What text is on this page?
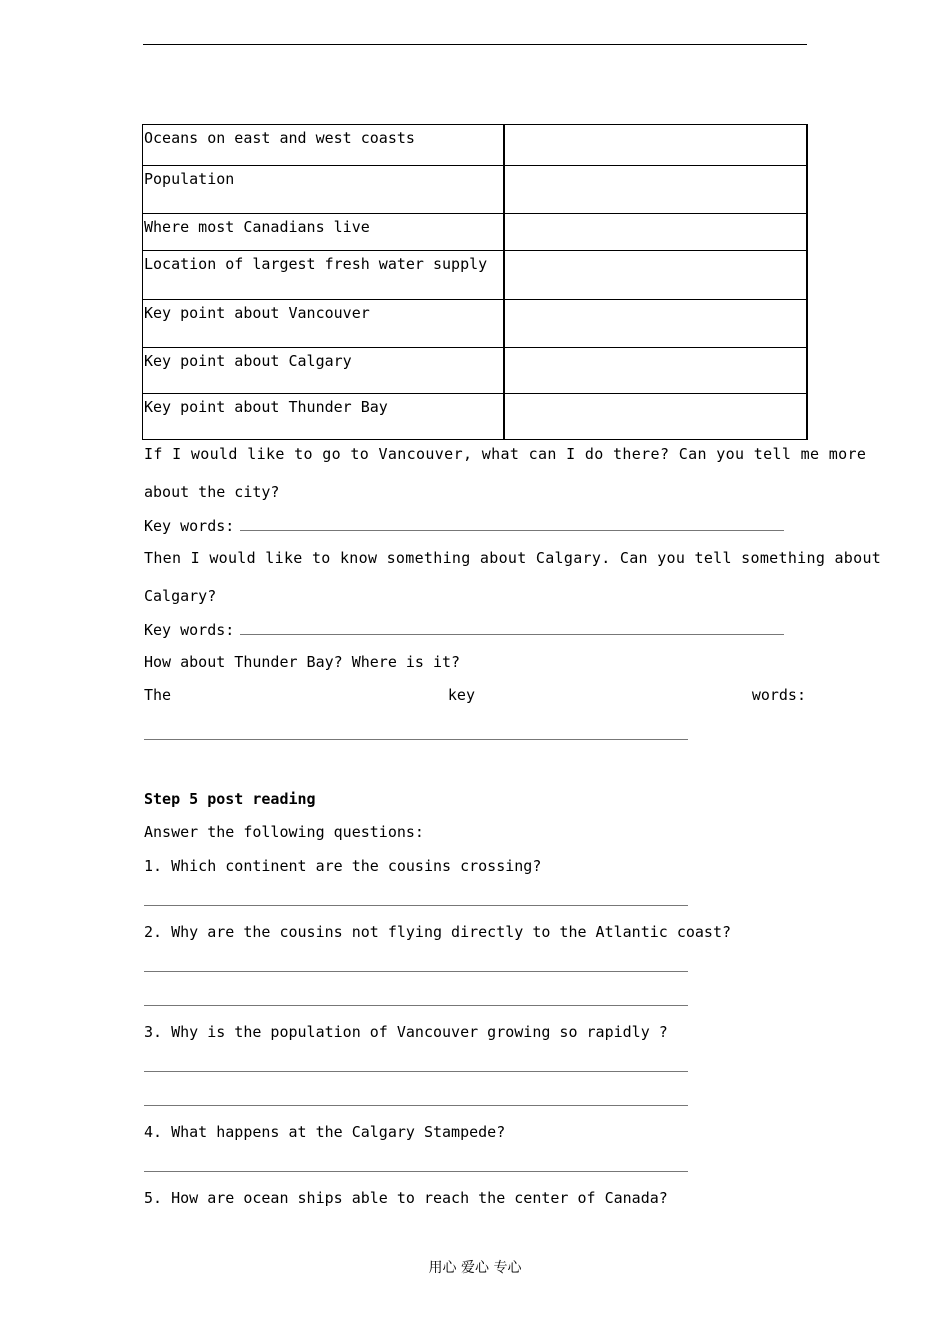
Oceans on east and west coasts	
Population	
Where most Canadians live	
Location of largest fresh water supply	
Key point about Vancouver	
Key point about Calgary	
Key point about Thunder Bay	
If I would like to go to Vancouver, what can I do there? Can you tell me more
about the city?
Key words:
Then I would like to know something about Calgary. Can you tell something about
Calgary?
Key words:
How about Thunder Bay? Where is it?
The	key	words:
Step 5 post reading
Answer the following questions:
1. Which continent are the cousins crossing?
2. Why are the cousins not flying directly to the Atlantic coast?
3. Why is the population of Vancouver growing so rapidly ?
4. What happens at the Calgary Stampede?
5. How are ocean ships able to reach the center of Canada?
用心 爱心 专心
